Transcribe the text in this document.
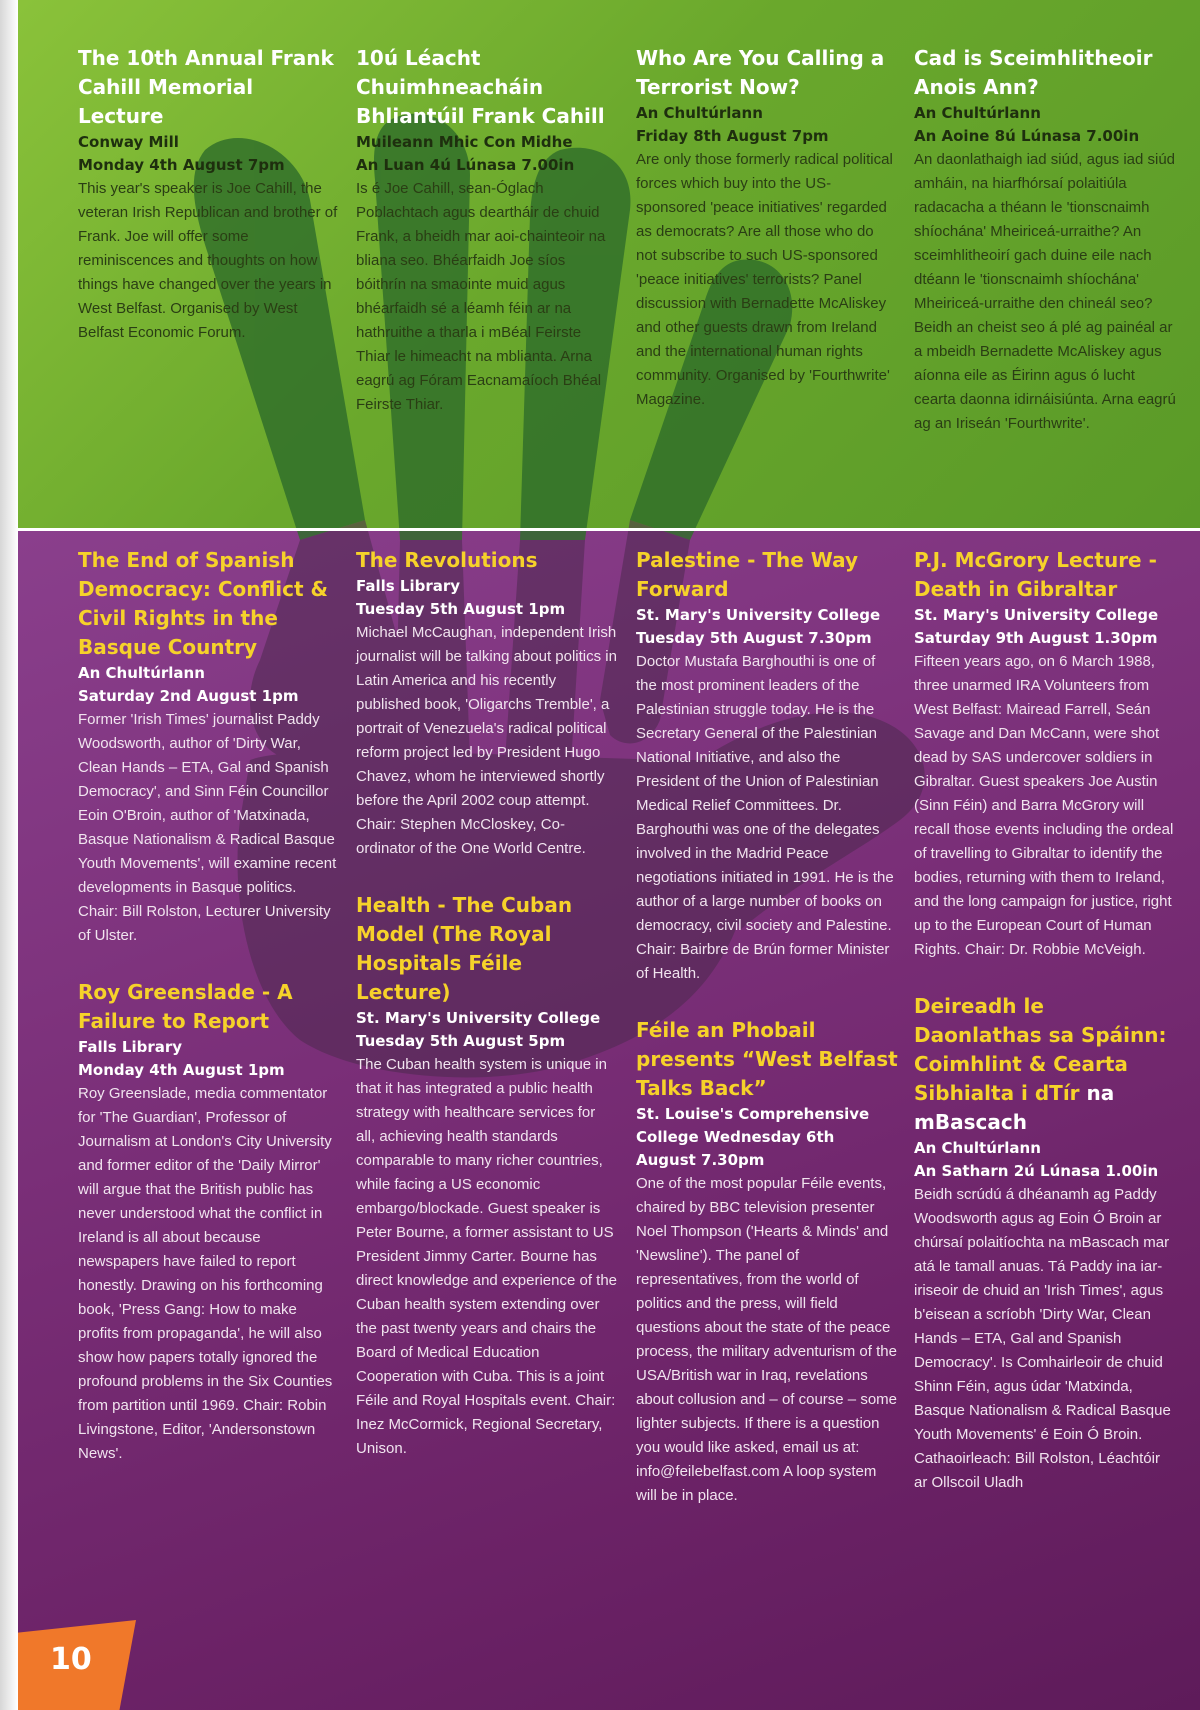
The 10th Annual Frank Cahill Memorial Lecture

Conway Mill

Monday 4th August 7pm

This year's speaker is Joe Cahill, the veteran Irish Republican and brother of Frank. Joe will offer some reminiscences and thoughts on how things have changed over the years in West Belfast. Organised by West Belfast Economic Forum.

10ú Léacht Chuimhneacháin Bhliantúil Frank Cahill

Muileann Mhic Con Midhe

An Luan 4ú Lúnasa 7.00in

Is é Joe Cahill, sean-Óglach Poblachtach agus deartháir de chuid Frank, a bheidh mar aoi-chainteoir na bliana seo. Bhéarfaidh Joe síos bóithrín na smaointe muid agus bhéarfaidh sé a léamh féin ar na hathruithe a tharla i mBéal Feirste Thiar le himeacht na mblianta. Arna eagrú ag Fóram Eacnamaíoch Bhéal Feirste Thiar.

Who Are You Calling a Terrorist Now?

An Chultúrlann

Friday 8th August 7pm

Are only those formerly radical political forces which buy into the US-sponsored 'peace initiatives' regarded as democrats? Are all those who do not subscribe to such US-sponsored 'peace initiatives' terrorists? Panel discussion with Bernadette McAliskey and other guests drawn from Ireland and the international human rights community. Organised by 'Fourthwrite' Magazine.

Cad is Sceimhlitheoir Anois Ann?

An Chultúrlann

An Aoine 8ú Lúnasa 7.00in

An daonlathaigh iad siúd, agus iad siúd amháin, na hiarfhórsaí polaitiúla radacacha a théann le 'tionscnaimh shíochána' Mheiriceá-urraithe? An sceimhlitheoirí gach duine eile nach dtéann le 'tionscnaimh shíochána' Mheiriceá-urraithe den chineál seo? Beidh an cheist seo á plé ag painéal ar a mbeidh Bernadette McAliskey agus aíonna eile as Éirinn agus ó lucht cearta daonna idirnáisiúnta. Arna eagrú ag an Iriseán 'Fourthwrite'.

The End of Spanish Democracy: Conflict & Civil Rights in the Basque Country

An Chultúrlann

Saturday 2nd August 1pm

Former 'Irish Times' journalist Paddy Woodsworth, author of 'Dirty War, Clean Hands – ETA, Gal and Spanish Democracy', and Sinn Féin Councillor Eoin O'Broin, author of 'Matxinada, Basque Nationalism & Radical Basque Youth Movements', will examine recent developments in Basque politics. Chair: Bill Rolston, Lecturer University of Ulster.

Roy Greenslade - A Failure to Report

Falls Library

Monday 4th August 1pm

Roy Greenslade, media commentator for 'The Guardian', Professor of Journalism at London's City University and former editor of the 'Daily Mirror' will argue that the British public has never understood what the conflict in Ireland is all about because newspapers have failed to report honestly. Drawing on his forthcoming book, 'Press Gang: How to make profits from propaganda', he will also show how papers totally ignored the profound problems in the Six Counties from partition until 1969. Chair: Robin Livingstone, Editor, 'Andersonstown News'.

The Revolutions

Falls Library

Tuesday 5th August 1pm

Michael McCaughan, independent Irish journalist will be talking about politics in Latin America and his recently published book, 'Oligarchs Tremble', a portrait of Venezuela's radical political reform project led by President Hugo Chavez, whom he interviewed shortly before the April 2002 coup attempt. Chair: Stephen McCloskey, Co-ordinator of the One World Centre.

Health - The Cuban Model (The Royal Hospitals Féile Lecture)

St. Mary's University College

Tuesday 5th August 5pm

The Cuban health system is unique in that it has integrated a public health strategy with healthcare services for all, achieving health standards comparable to many richer countries, while facing a US economic embargo/blockade. Guest speaker is Peter Bourne, a former assistant to US President Jimmy Carter. Bourne has direct knowledge and experience of the Cuban health system extending over the past twenty years and chairs the Board of Medical Education Cooperation with Cuba. This is a joint Féile and Royal Hospitals event. Chair: Inez McCormick, Regional Secretary, Unison.

Palestine - The Way Forward

St. Mary's University College

Tuesday 5th August 7.30pm

Doctor Mustafa Barghouthi is one of the most prominent leaders of the Palestinian struggle today. He is the Secretary General of the Palestinian National Initiative, and also the President of the Union of Palestinian Medical Relief Committees. Dr. Barghouthi was one of the delegates involved in the Madrid Peace negotiations initiated in 1991. He is the author of a large number of books on democracy, civil society and Palestine. Chair: Bairbre de Brún former Minister of Health.

Féile an Phobail presents “West Belfast Talks Back”

St. Louise's Comprehensive College Wednesday 6th August 7.30pm

One of the most popular Féile events, chaired by BBC television presenter Noel Thompson ('Hearts & Minds' and 'Newsline'). The panel of representatives, from the world of politics and the press, will field questions about the state of the peace process, the military adventurism of the USA/British war in Iraq, revelations about collusion and – of course – some lighter subjects. If there is a question you would like asked, email us at: info@feilebelfast.com A loop system will be in place.

P.J. McGrory Lecture - Death in Gibraltar

St. Mary's University College

Saturday 9th August 1.30pm

Fifteen years ago, on 6 March 1988, three unarmed IRA Volunteers from West Belfast: Mairead Farrell, Seán Savage and Dan McCann, were shot dead by SAS undercover soldiers in Gibraltar. Guest speakers Joe Austin (Sinn Féin) and Barra McGrory will recall those events including the ordeal of travelling to Gibraltar to identify the bodies, returning with them to Ireland, and the long campaign for justice, right up to the European Court of Human Rights. Chair: Dr. Robbie McVeigh.

Deireadh le Daonlathas sa Spáinn: Coimhlint & Cearta Sibhialta i dTír na mBascach

An Chultúrlann

An Satharn 2ú Lúnasa 1.00in

Beidh scrúdú á dhéanamh ag Paddy Woodsworth agus ag Eoin Ó Broin ar chúrsaí polaitíochta na mBascach mar atá le tamall anuas. Tá Paddy ina iar-iriseoir de chuid an 'Irish Times', agus b'eisean a scríobh 'Dirty War, Clean Hands – ETA, Gal and Spanish Democracy'. Is Comhairleoir de chuid Shinn Féin, agus údar 'Matxinda, Basque Nationalism & Radical Basque Youth Movements' é Eoin Ó Broin. Cathaoirleach: Bill Rolston, Léachtóir ar Ollscoil Uladh

10
